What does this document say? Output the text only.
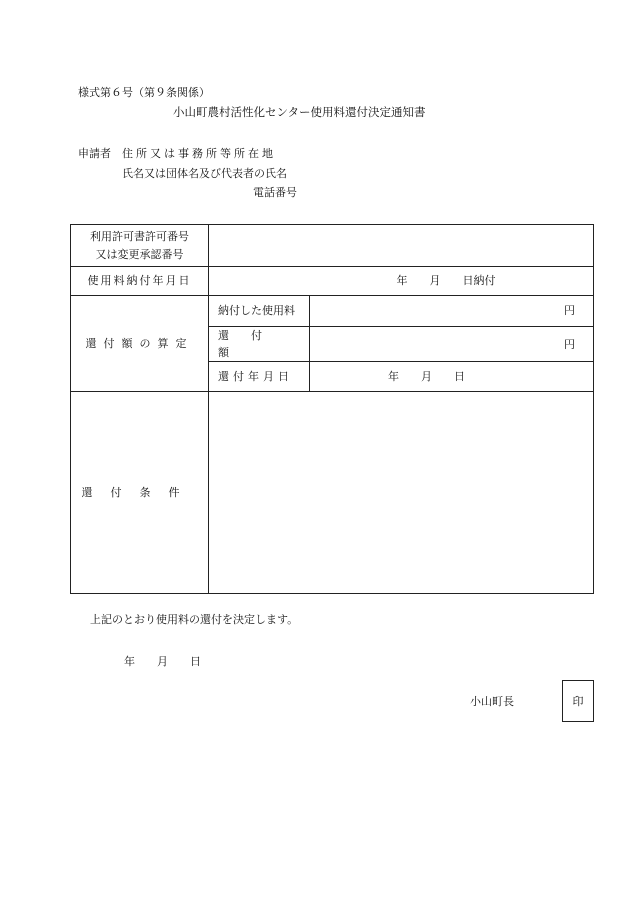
様式第６号（第９条関係）
小山町農村活性化センター使用料還付決定通知書
申請者 住所又は事務所等所在地
氏名又は団体名及び代表者の氏名
電話番号
利用許可書許可番号
又は変更承認番号		

使用料納付年月日	年　　月　　日納付	
還付額の算定	納付した使用料	円
	還付額	円
	還付年月日	年　　月　　日
還付条件		
上記のとおり使用料の還付を決定します。
年　　月　　日
小山町長	印
